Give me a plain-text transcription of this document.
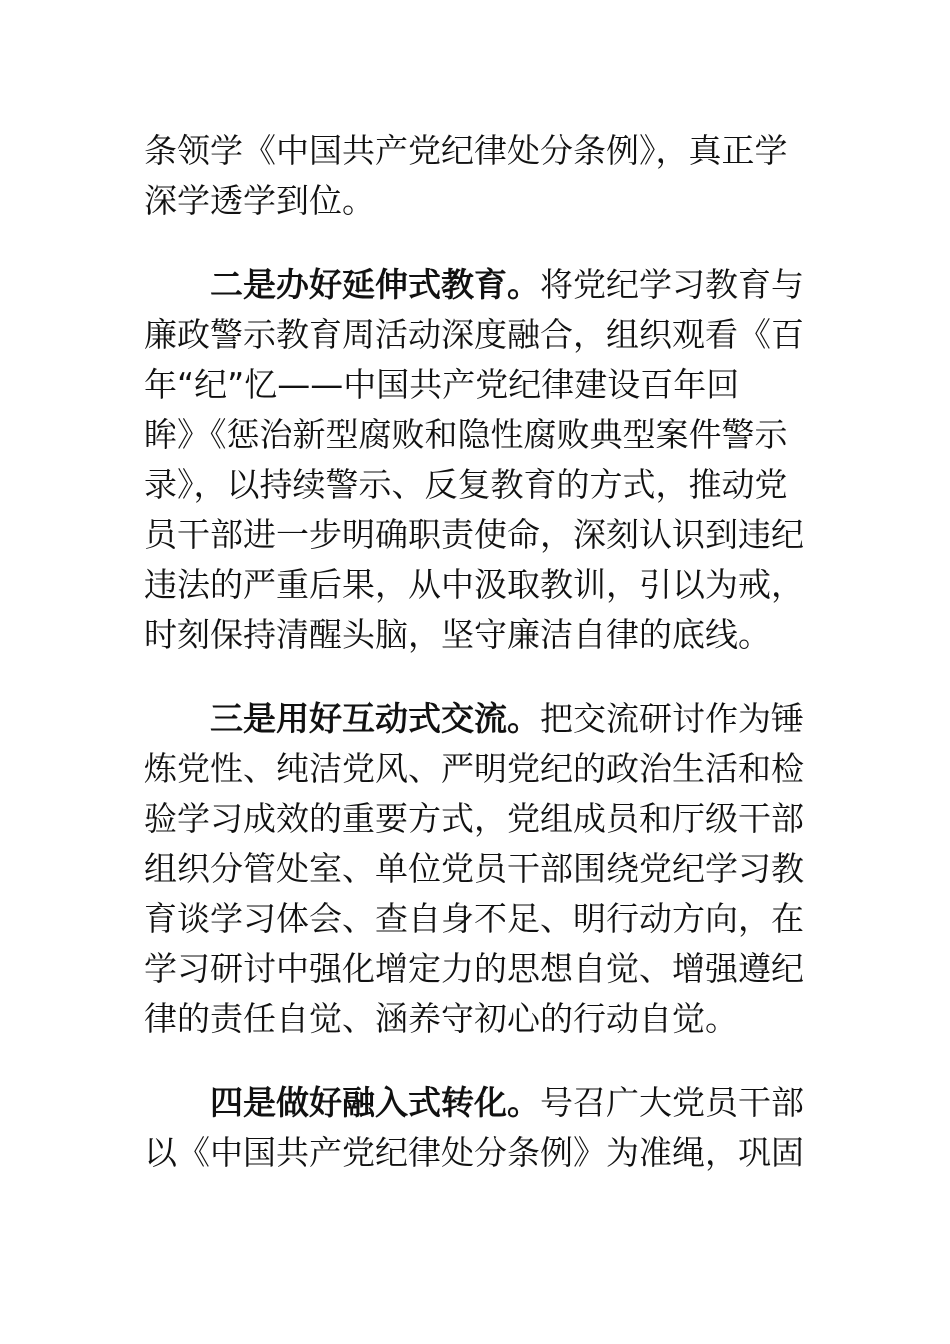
条领学《中国共产党纪律处分条例》，真正学
深学透学到位。
二是办好延伸式教育。将党纪学习教育与
廉政警示教育周活动深度融合，组织观看《百
年“纪”忆——中国共产党纪律建设百年回
眸》《惩治新型腐败和隐性腐败典型案件警示
录》，以持续警示、反复教育的方式，推动党
员干部进一步明确职责使命，深刻认识到违纪
违法的严重后果，从中汲取教训，引以为戒，
时刻保持清醒头脑，坚守廉洁自律的底线。
三是用好互动式交流。把交流研讨作为锤
炼党性、纯洁党风、严明党纪的政治生活和检
验学习成效的重要方式，党组成员和厅级干部
组织分管处室、单位党员干部围绕党纪学习教
育谈学习体会、查自身不足、明行动方向，在
学习研讨中强化增定力的思想自觉、增强遵纪
律的责任自觉、涵养守初心的行动自觉。
四是做好融入式转化。号召广大党员干部
以《中国共产党纪律处分条例》为准绳，巩固
